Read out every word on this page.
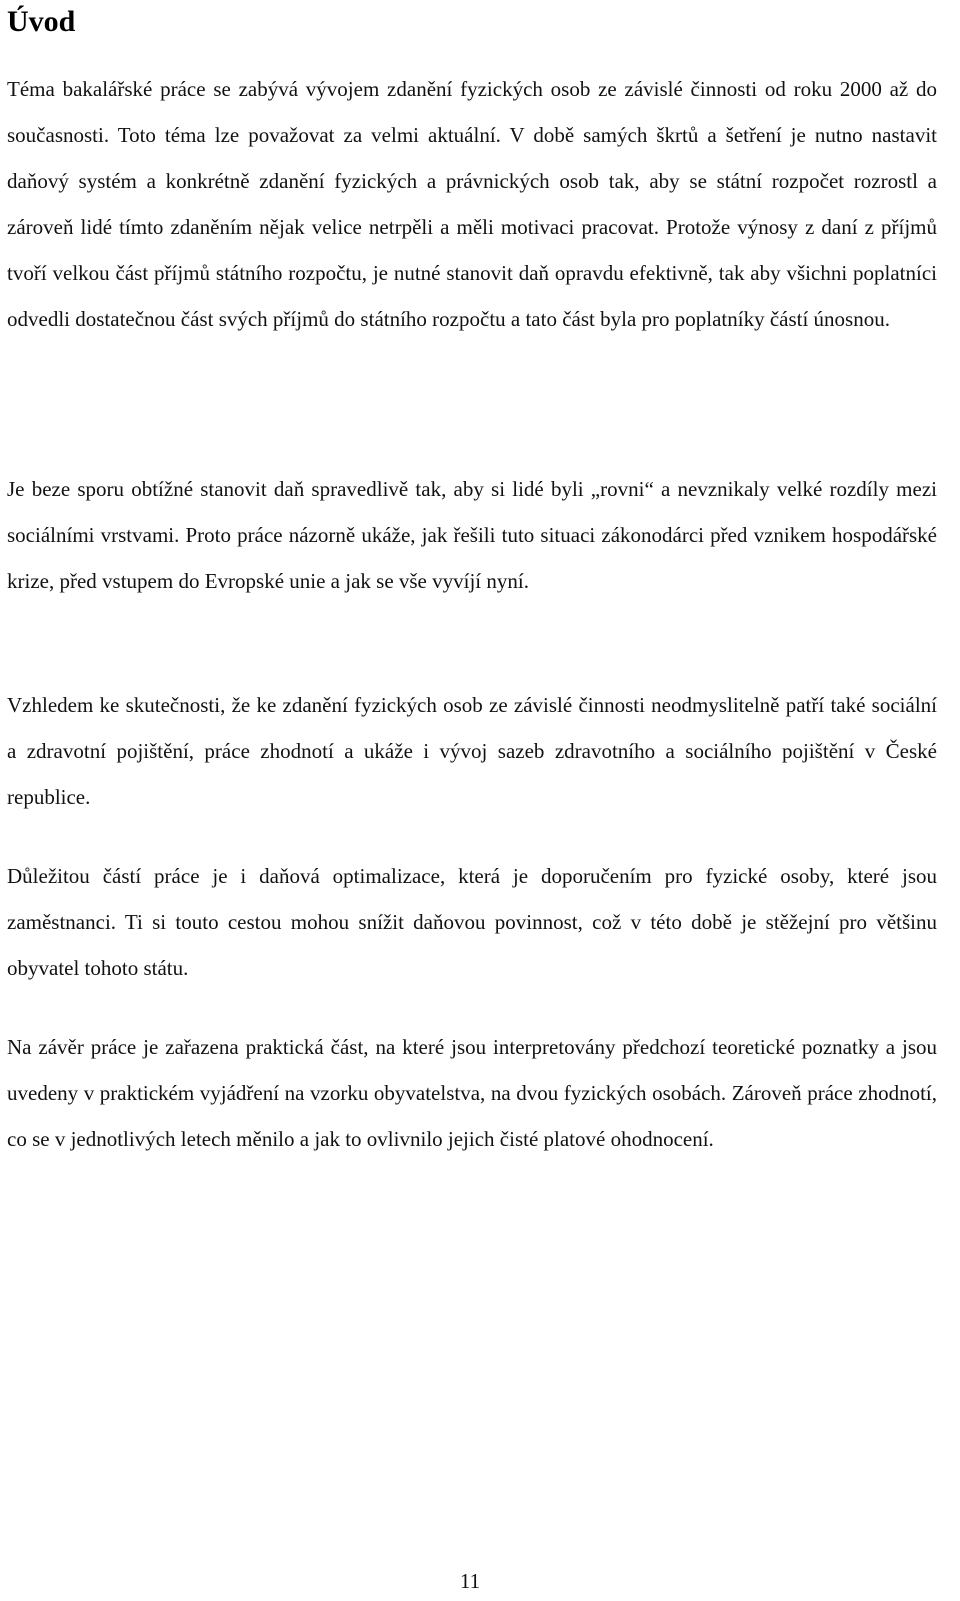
Úvod

Téma bakalářské práce se zabývá vývojem zdanění fyzických osob ze závislé činnosti od roku 2000 až do současnosti. Toto téma lze považovat za velmi aktuální. V době samých škrtů a šetření je nutno nastavit daňový systém a konkrétně zdanění fyzických a právnických osob tak, aby se státní rozpočet rozrostl a zároveň lidé tímto zdaněním nějak velice netrpěli a měli motivaci pracovat. Protože výnosy z daní z příjmů tvoří velkou část příjmů státního rozpočtu, je nutné stanovit daň opravdu efektivně, tak aby všichni poplatníci odvedli dostatečnou část svých příjmů do státního rozpočtu a tato část byla pro poplatníky částí únosnou.

Je beze sporu obtížné stanovit daň spravedlivě tak, aby si lidé byli „rovni“ a nevznikaly velké rozdíly mezi sociálními vrstvami. Proto práce názorně ukáže, jak řešili tuto situaci zákonodárci před vznikem hospodářské krize, před vstupem do Evropské unie a jak se vše vyvíjí nyní.

Vzhledem ke skutečnosti, že ke zdanění fyzických osob ze závislé činnosti neodmyslitelně patří také sociální a zdravotní pojištění, práce zhodnotí a ukáže i vývoj sazeb zdravotního a sociálního pojištění v České republice.

Důležitou částí práce je i daňová optimalizace, která je doporučením pro fyzické osoby, které jsou zaměstnanci. Ti si touto cestou mohou snížit daňovou povinnost, což v této době je stěžejní pro většinu obyvatel tohoto státu.

Na závěr práce je zařazena praktická část, na které jsou interpretovány předchozí teoretické poznatky a jsou uvedeny v praktickém vyjádření na vzorku obyvatelstva, na dvou fyzických osobách. Zároveň práce zhodnotí, co se v jednotlivých letech měnilo a jak to ovlivnilo jejich čisté platové ohodnocení.

11
